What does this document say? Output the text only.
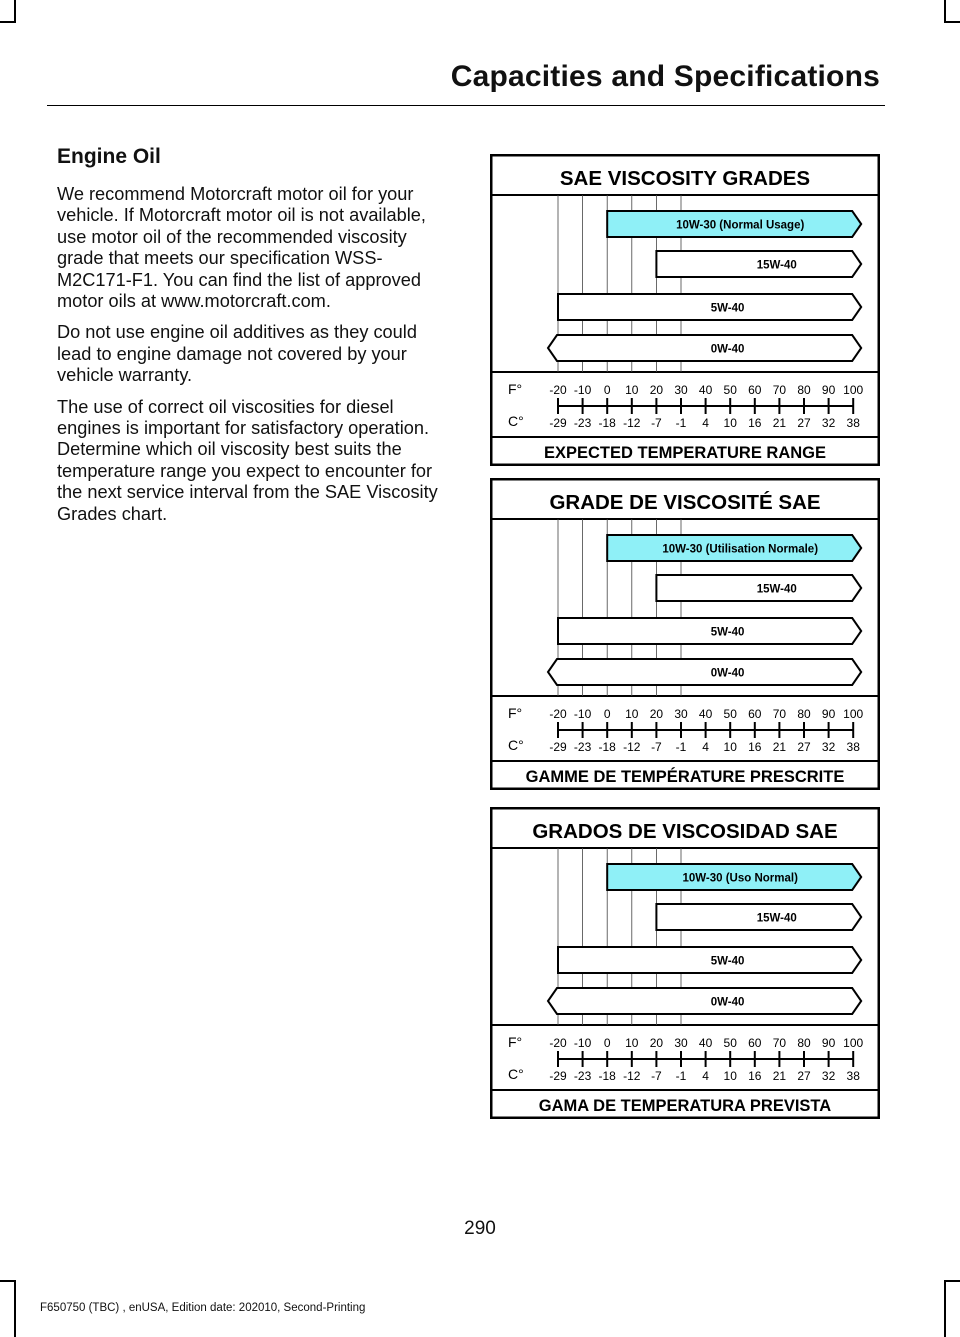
Capacities and Specifications
Engine Oil

We recommend Motorcraft motor oil for your vehicle. If Motorcraft motor oil is not available, use motor oil of the recommended viscosity grade that meets our specification WSS-M2C171-F1. You can find the list of approved motor oils at www.motorcraft.com.

Do not use engine oil additives as they could lead to engine damage not covered by your vehicle warranty.

The use of correct oil viscosities for diesel engines is important for satisfactory operation. Determine which oil viscosity best suits the temperature range you expect to encounter for the next service interval from the SAE Viscosity Grades chart.

SAE VISCOSITY GRADES
EXPECTED TEMPERATURE RANGE
10W-30 (Normal Usage)
15W-40
5W-40
0W-40
F°
C°
-20
-29
-10
-23
0
-18
10
-12
20
-7
30
-1
40
4
50
10
60
16
70
21
80
27
90
32
100
38
GRADE DE VISCOSITÉ SAE
GAMME DE TEMPÉRATURE PRESCRITE
10W-30 (Utilisation Normale)
15W-40
5W-40
0W-40
F°
C°
-20
-29
-10
-23
0
-18
10
-12
20
-7
30
-1
40
4
50
10
60
16
70
21
80
27
90
32
100
38
GRADOS DE VISCOSIDAD SAE
GAMA DE TEMPERATURA PREVISTA
10W-30 (Uso Normal)
15W-40
5W-40
0W-40
F°
C°
-20
-29
-10
-23
0
-18
10
-12
20
-7
30
-1
40
4
50
10
60
16
70
21
80
27
90
32
100
38
290
F650750 (TBC) , enUSA, Edition date: 202010, Second-Printing
